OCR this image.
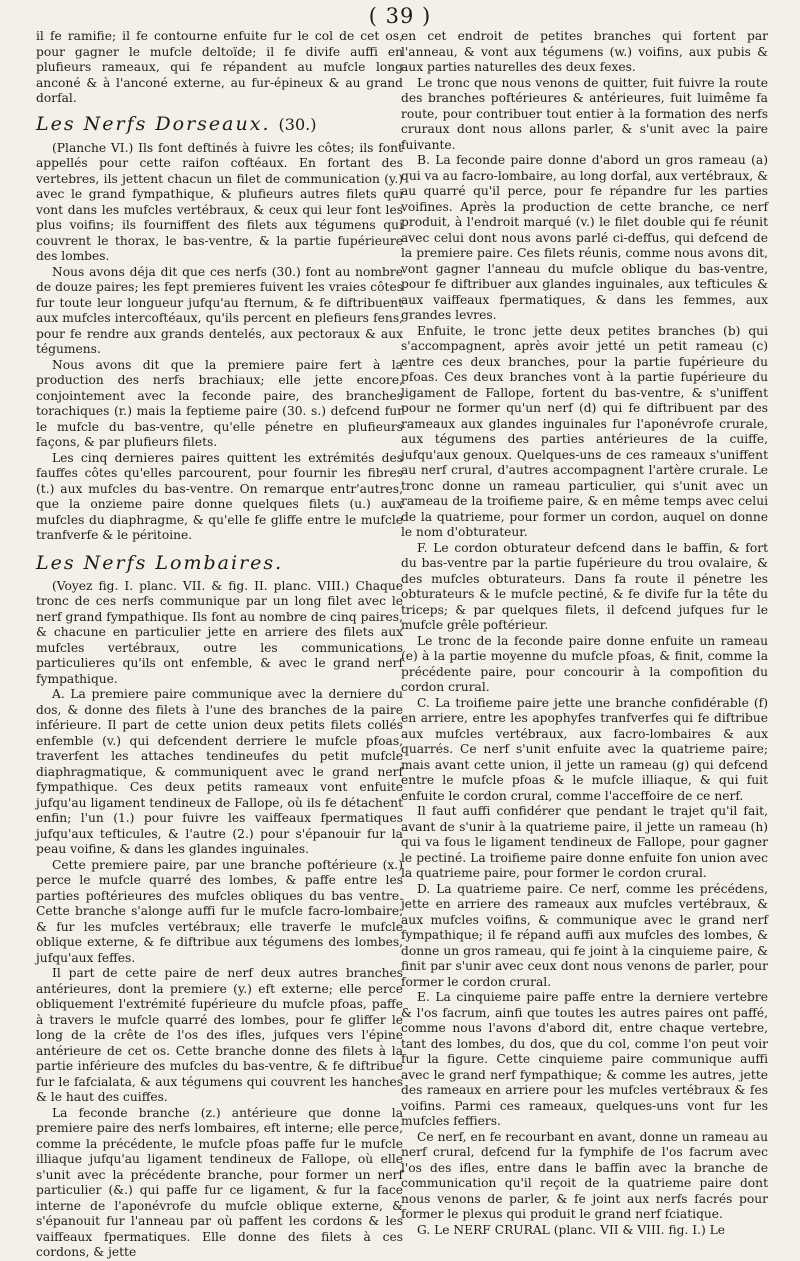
( 39 )

il fe ramifie; il fe contourne enfuite fur le col de cet os, pour gagner le mufcle deltoïde; il fe divife auffi en plufieurs rameaux, qui fe répandent au mufcle long anconé & à l'anconé externe, au fur-épineux & au grand dorfal.

Les Nerfs Dorseaux. (30.)

(Planche VI.) Ils font deftinés à fuivre les côtes; ils font appellés pour cette raifon coftéaux. En fortant des vertebres, ils jettent chacun un filet de communication (y.) avec le grand fympathique, & plufieurs autres filets qui vont dans les mufcles vertébraux, & ceux qui leur font les plus voifins; ils fourniffent des filets aux tégumens qui couvrent le thorax, le bas-ventre, & la partie fupérieure des lombes.

Nous avons déja dit que ces nerfs (30.) font au nombre de douze paires; les fept premieres fuivent les vraies côtes fur toute leur longueur jufqu'au fternum, & fe diftribuent aux mufcles intercoftéaux, qu'ils percent en plefieurs fens, pour fe rendre aux grands dentelés, aux pectoraux & aux tégumens.

Nous avons dit que la premiere paire fert à la production des nerfs brachiaux; elle jette encore, conjointement avec la feconde paire, des branches torachiques (r.) mais la feptieme paire (30. s.) defcend fur le mufcle du bas-ventre, qu'elle pénetre en plufieurs façons, & par plufieurs filets.

Les cinq dernieres paires quittent les extrémités des fauffes côtes qu'elles parcourent, pour fournir les fibres (t.) aux mufcles du bas-ventre. On remarque entr'autres, que la onzieme paire donne quelques filets (u.) aux mufcles du diaphragme, & qu'elle fe gliffe entre le mufcle tranfverfe & le péritoine.

Les Nerfs Lombaires.

(Voyez fig. I. planc. VII. & fig. II. planc. VIII.) Chaque tronc de ces nerfs communique par un long filet avec le nerf grand fympathique. Ils font au nombre de cinq paires, & chacune en particulier jette en arriere des filets aux mufcles vertébraux, outre les communications particulieres qu'ils ont enfemble, & avec le grand nerf fympathique.

A. La premiere paire communique avec la derniere du dos, & donne des filets à l'une des branches de la paire inférieure. Il part de cette union deux petits filets collés enfemble (v.) qui defcendent derriere le mufcle pfoas, traverfent les attaches tendineufes du petit mufcle diaphragmatique, & communiquent avec le grand nerf fympathique. Ces deux petits rameaux vont enfuite jufqu'au ligament tendineux de Fallope, où ils fe détachent enfin; l'un (1.) pour fuivre les vaiffeaux fpermatiques jufqu'aux tefticules, & l'autre (2.) pour s'épanouir fur la peau voifine, & dans les glandes inguinales.

Cette premiere paire, par une branche poftérieure (x.) perce le mufcle quarré des lombes, & paffe entre les parties poftérieures des mufcles obliques du bas ventre. Cette branche s'alonge auffi fur le mufcle facro-lombaire, & fur les mufcles vertébraux; elle traverfe le mufcle oblique externe, & fe diftribue aux tégumens des lombes, jufqu'aux feffes.

Il part de cette paire de nerf deux autres branches antérieures, dont la premiere (y.) eft externe; elle perce obliquement l'extrémité fupérieure du mufcle pfoas, paffe à travers le mufcle quarré des lombes, pour fe gliffer le long de la crête de l'os des ifles, jufques vers l'épine antérieure de cet os. Cette branche donne des filets à la partie inférieure des mufcles du bas-ventre, & fe diftribue fur le fafcialata, & aux tégumens qui couvrent les hanches & le haut des cuiffes.

La feconde branche (z.) antérieure que donne la premiere paire des nerfs lombaires, eft interne; elle perce, comme la précédente, le mufcle pfoas paffe fur le mufcle illiaque jufqu'au ligament tendineux de Fallope, où elle s'unit avec la précédente branche, pour former un nerf particulier (&.) qui paffe fur ce ligament, & fur la face interne de l'aponévrofe du mufcle oblique externe, & s'épanouit fur l'anneau par où paffent les cordons & les vaiffeaux fpermatiques. Elle donne des filets à ces cordons, & jette

en cet endroit de petites branches qui fortent par l'anneau, & vont aux tégumens (w.) voifins, aux pubis & aux parties naturelles des deux fexes.

Le tronc que nous venons de quitter, fuit fuivre la route des branches poftérieures & antérieures, fuit luimême fa route, pour contribuer tout entier à la formation des nerfs cruraux dont nous allons parler, & s'unit avec la paire fuivante.

B. La feconde paire donne d'abord un gros rameau (a) qui va au facro-lombaire, au long dorfal, aux vertébraux, & au quarré qu'il perce, pour fe répandre fur les parties voifines. Après la production de cette branche, ce nerf produit, à l'endroit marqué (v.) le filet double qui fe réunit avec celui dont nous avons parlé ci-deffus, qui defcend de la premiere paire. Ces filets réunis, comme nous avons dit, vont gagner l'anneau du mufcle oblique du bas-ventre, pour fe diftribuer aux glandes inguinales, aux tefticules & aux vaiffeaux fpermatiques, & dans les femmes, aux grandes levres.

Enfuite, le tronc jette deux petites branches (b) qui s'accompagnent, après avoir jetté un petit rameau (c) entre ces deux branches, pour la partie fupérieure du pfoas. Ces deux branches vont à la partie fupérieure du ligament de Fallope, fortent du bas-ventre, & s'uniffent pour ne former qu'un nerf (d) qui fe diftribuent par des rameaux aux glandes inguinales fur l'aponévrofe crurale, aux tégumens des parties antérieures de la cuiffe, jufqu'aux genoux. Quelques-uns de ces rameaux s'uniffent au nerf crural, d'autres accompagnent l'artère crurale. Le tronc donne un rameau particulier, qui s'unit avec un rameau de la troifieme paire, & en même temps avec celui de la quatrieme, pour former un cordon, auquel on donne le nom d'obturateur.

F. Le cordon obturateur defcend dans le baffin, & fort du bas-ventre par la partie fupérieure du trou ovalaire, & des mufcles obturateurs. Dans fa route il pénetre les obturateurs & le mufcle pectiné, & fe divife fur la tête du triceps; & par quelques filets, il defcend jufques fur le mufcle grêle poftérieur.

Le tronc de la feconde paire donne enfuite un rameau (e) à la partie moyenne du mufcle pfoas, & finit, comme la précédente paire, pour concourir à la compofition du cordon crural.

C. La troifieme paire jette une branche confidérable (f) en arriere, entre les apophyfes tranfverfes qui fe diftribue aux mufcles vertébraux, aux facro-lombaires & aux quarrés. Ce nerf s'unit enfuite avec la quatrieme paire; mais avant cette union, il jette un rameau (g) qui defcend entre le mufcle pfoas & le mufcle illiaque, & qui fuit enfuite le cordon crural, comme l'acceffoire de ce nerf.

Il faut auffi confidérer que pendant le trajet qu'il fait, avant de s'unir à la quatrieme paire, il jette un rameau (h) qui va fous le ligament tendineux de Fallope, pour gagner le pectiné. La troifieme paire donne enfuite fon union avec la quatrieme paire, pour former le cordon crural.

D. La quatrieme paire. Ce nerf, comme les précédens, jette en arriere des rameaux aux mufcles vertébraux, & aux mufcles voifins, & communique avec le grand nerf fympathique; il fe répand auffi aux mufcles des lombes, & donne un gros rameau, qui fe joint à la cinquieme paire, & finit par s'unir avec ceux dont nous venons de parler, pour former le cordon crural.

E. La cinquieme paire paffe entre la derniere vertebre & l'os facrum, ainfi que toutes les autres paires ont paffé, comme nous l'avons d'abord dit, entre chaque vertebre, tant des lombes, du dos, que du col, comme l'on peut voir fur la figure. Cette cinquieme paire communique auffi avec le grand nerf fympathique; & comme les autres, jette des rameaux en arriere pour les mufcles vertébraux & fes voifins. Parmi ces rameaux, quelques-uns vont fur les mufcles feffiers.

Ce nerf, en fe recourbant en avant, donne un rameau au nerf crural, defcend fur la fymphife de l'os facrum avec l'os des ifles, entre dans le baffin avec la branche de communication qu'il reçoit de la quatrieme paire dont nous venons de parler, & fe joint aux nerfs facrés pour former le plexus qui produit le grand nerf fciatique.

G. Le NERF CRURAL (planc. VII & VIII. fig. I.) Le
